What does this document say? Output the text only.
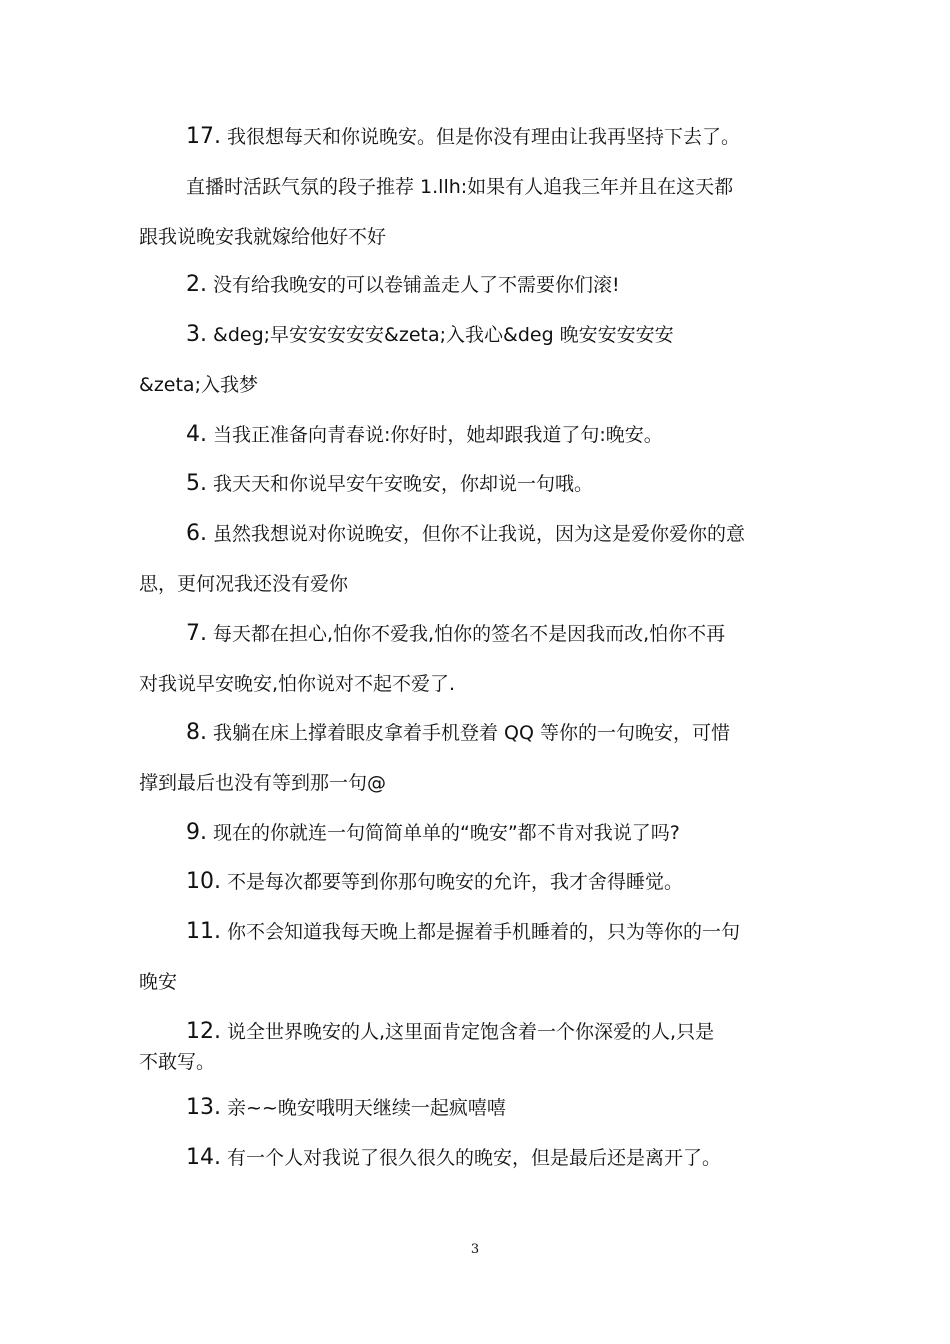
17. 我很想每天和你说晚安。但是你没有理由让我再坚持下去了。
直播时活跃气氛的段子推荐 1.llh:如果有人追我三年并且在这天都
跟我说晚安我就嫁给他好不好
2. 没有给我晚安的可以卷铺盖走人了不需要你们滚!
3. &deg;早安安安安安&zeta;入我心&deg 晚安安安安安
&zeta;入我梦
4. 当我正准备向青春说:你好时，她却跟我道了句:晚安。
5. 我天天和你说早安午安晚安，你却说一句哦。
6. 虽然我想说对你说晚安，但你不让我说，因为这是爱你爱你的意
思，更何况我还没有爱你
7. 每天都在担心,怕你不爱我,怕你的签名不是因我而改,怕你不再
对我说早安晚安,怕你说对不起不爱了.
8. 我躺在床上撑着眼皮拿着手机登着 QQ 等你的一句晚安，可惜
撑到最后也没有等到那一句@
9. 现在的你就连一句简简单单的“晚安”都不肯对我说了吗?
10. 不是每次都要等到你那句晚安的允许，我才舍得睡觉。
11. 你不会知道我每天晚上都是握着手机睡着的，只为等你的一句
晚安
12. 说全世界晚安的人,这里面肯定饱含着一个你深爱的人,只是
不敢写。
13. 亲~~晚安哦明天继续一起疯嘻嘻
14. 有一个人对我说了很久很久的晚安，但是最后还是离开了。
3
